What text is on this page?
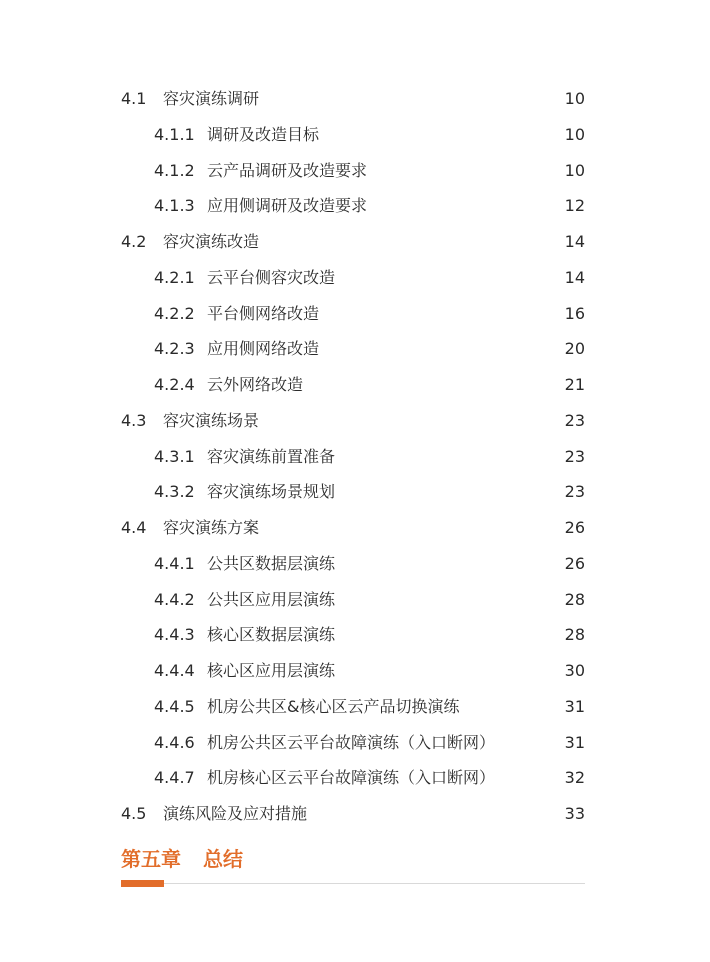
4.1 容灾演练调研	10
4.1.1 调研及改造目标	10
4.1.2 云产品调研及改造要求	10
4.1.3 应用侧调研及改造要求	12
4.2 容灾演练改造	14
4.2.1 云平台侧容灾改造	14
4.2.2 平台侧网络改造	16
4.2.3 应用侧网络改造	20
4.2.4 云外网络改造	21
4.3 容灾演练场景	23
4.3.1 容灾演练前置准备	23
4.3.2 容灾演练场景规划	23
4.4 容灾演练方案	26
4.4.1 公共区数据层演练	26
4.4.2 公共区应用层演练	28
4.4.3 核心区数据层演练	28
4.4.4 核心区应用层演练	30
4.4.5 机房公共区&核心区云产品切换演练	31
4.4.6 机房公共区云平台故障演练（入口断网）	31
4.4.7 机房核心区云平台故障演练（入口断网）	32
4.5 演练风险及应对措施	33
第五章 总结
